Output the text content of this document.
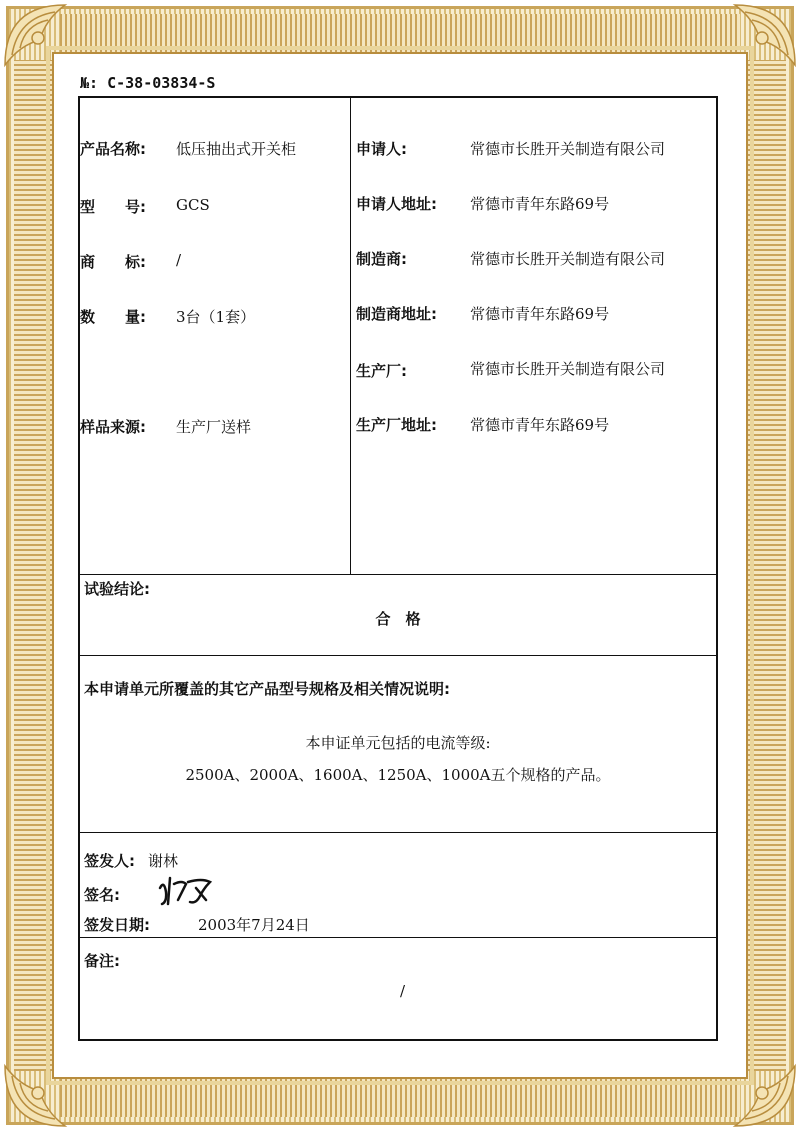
№: C-38-03834-S
产品名称: 低压抽出式开关柜
型　　号: GCS
商　　标: /
数　　量: 3台（1套）
样品来源: 生产厂送样
申请人:	常德市长胜开关制造有限公司
申请人地址: 常德市青年东路69号
制造商:	常德市长胜开关制造有限公司
制造商地址: 常德市青年东路69号
生产厂:	常德市长胜开关制造有限公司
生产厂地址: 常德市青年东路69号
试验结论:
合　格
本申请单元所覆盖的其它产品型号规格及相关情况说明:
本申证单元包括的电流等级:
2500A、2000A、1600A、1250A、1000A五个规格的产品。
签发人: 谢林
签名:
签发日期:	2003年7月24日
备注:
/
